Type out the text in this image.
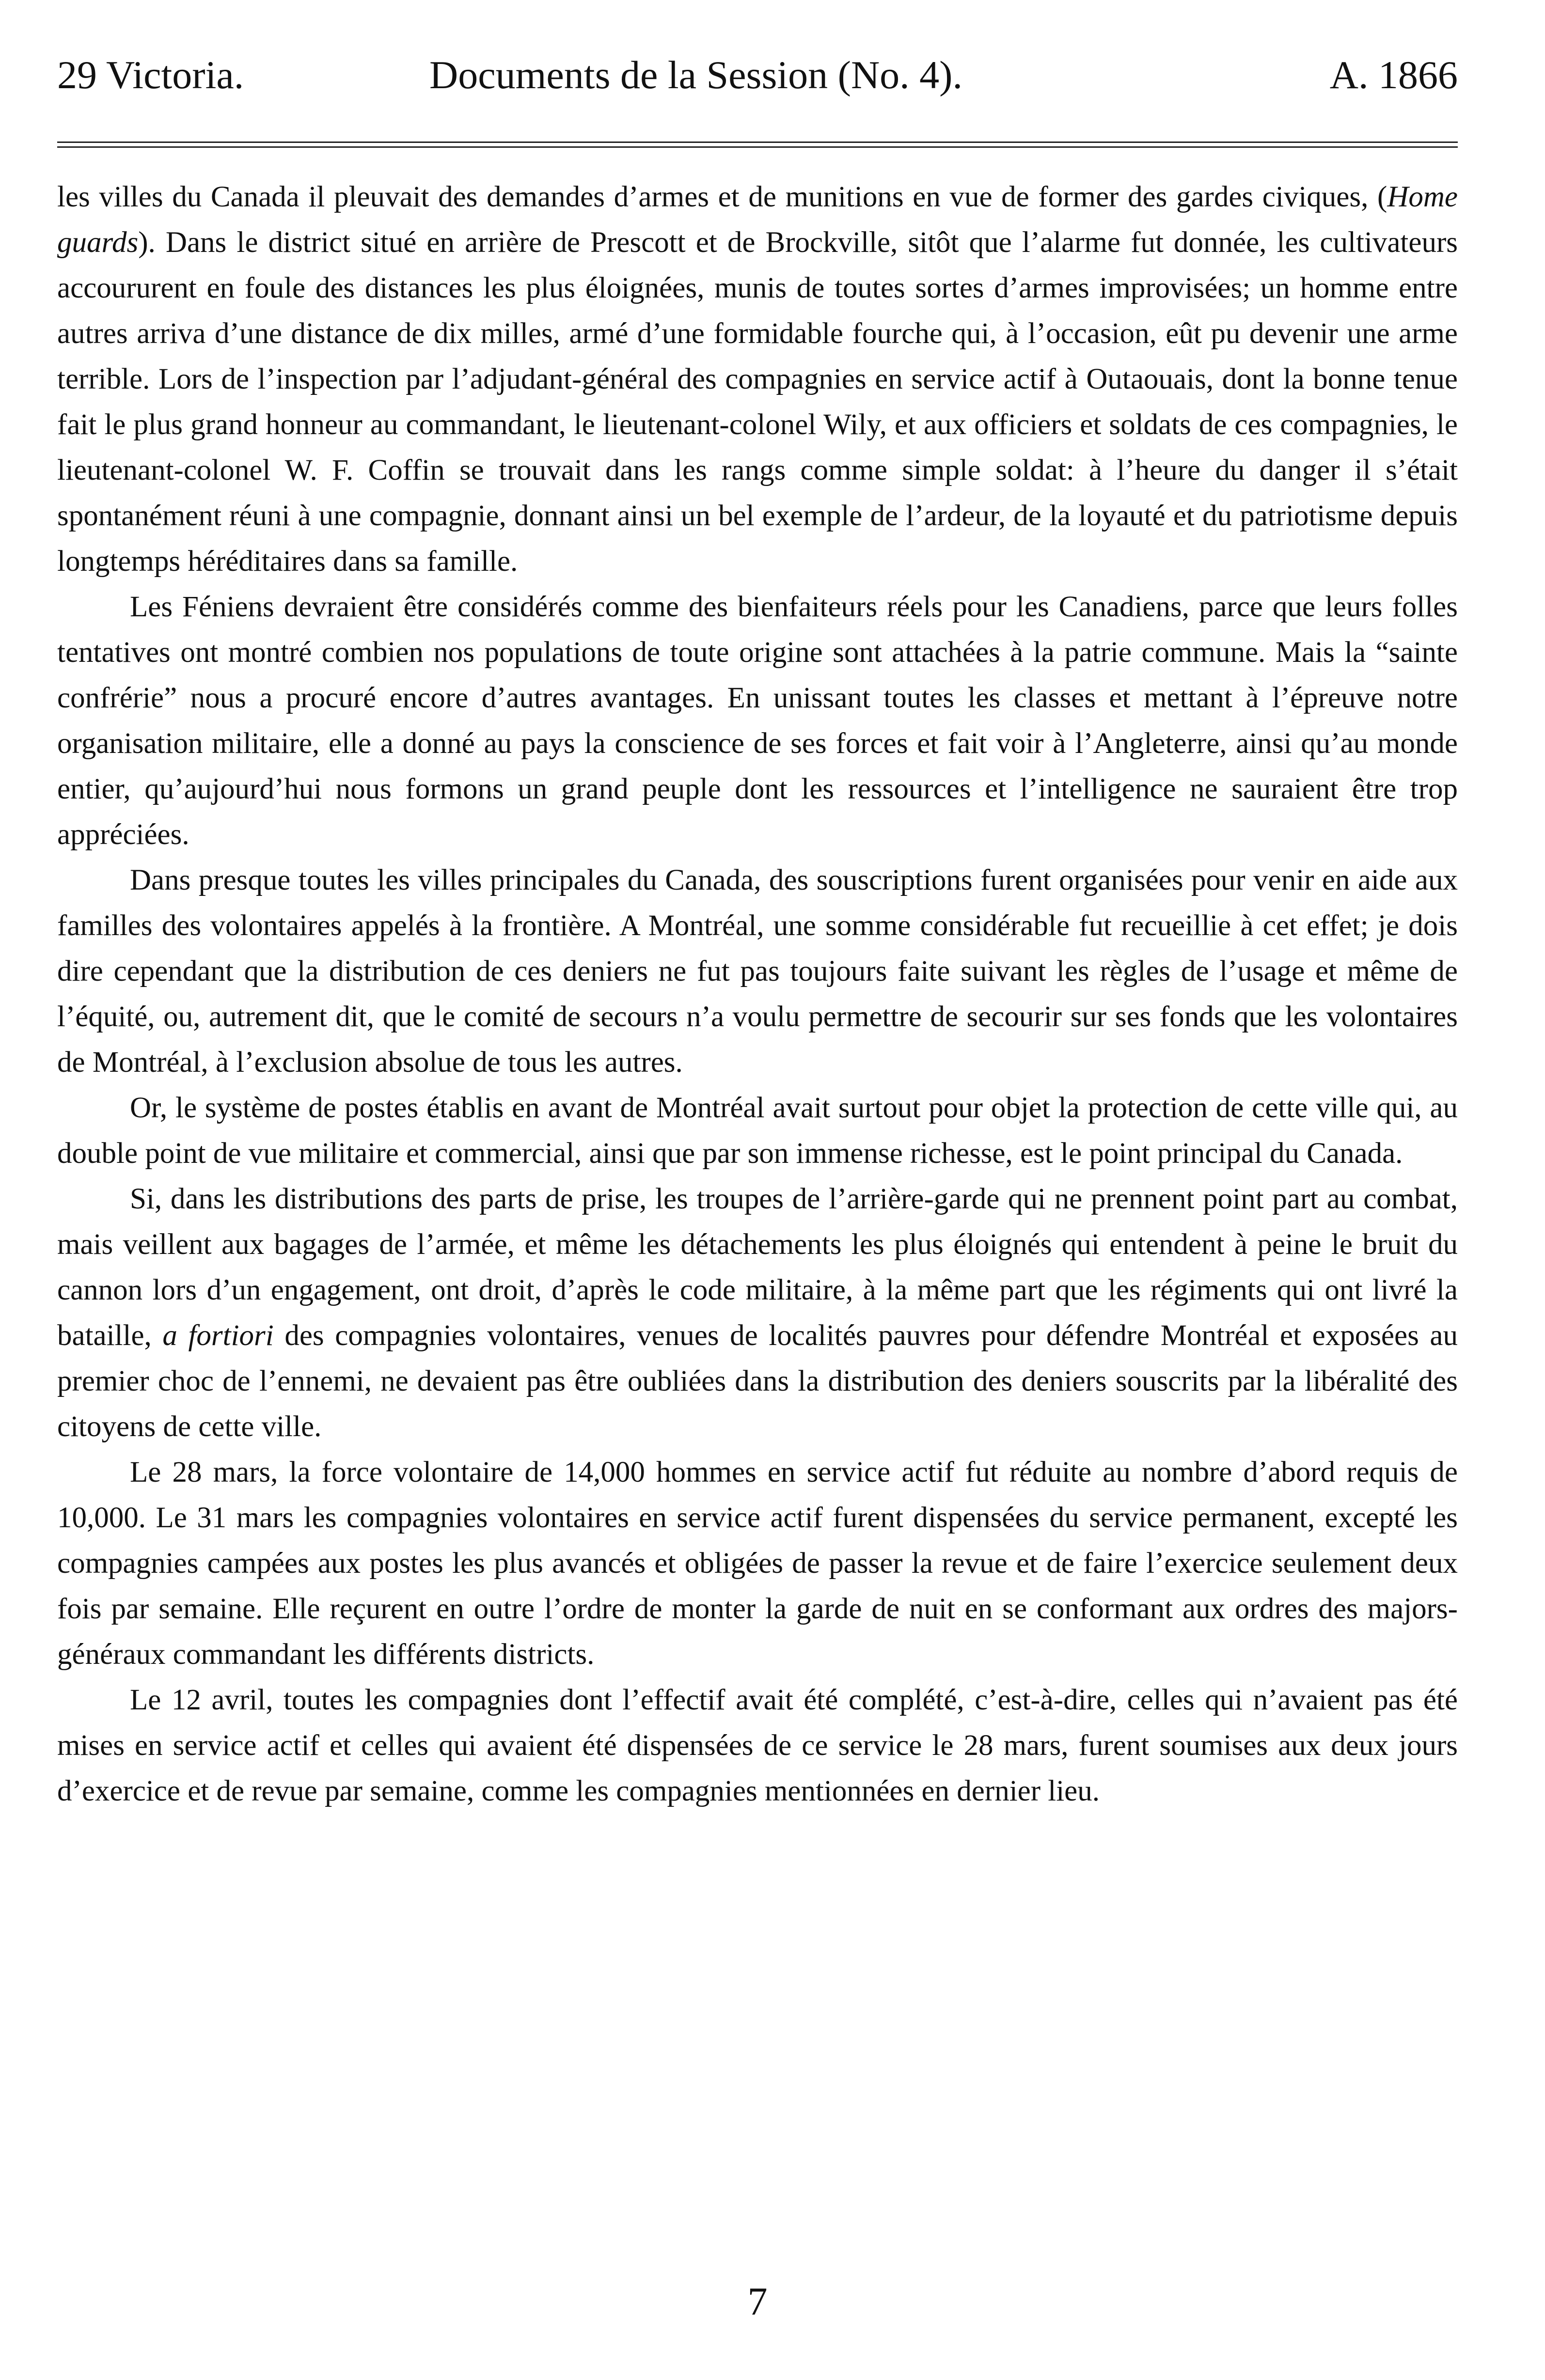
29 Victoria.	Documents de la Session (No. 4).	A. 1866

les villes du Canada il pleuvait des demandes d’armes et de munitions en vue de former des gardes civiques, (Home guards). Dans le district situé en arrière de Prescott et de Brockville, sitôt que l’alarme fut donnée, les cultivateurs accoururent en foule des distances les plus éloignées, munis de toutes sortes d’armes improvisées; un homme entre autres arriva d’une distance de dix milles, armé d’une formidable fourche qui, à l’occasion, eût pu devenir une arme terrible. Lors de l’inspection par l’adjudant-général des compagnies en service actif à Outaouais, dont la bonne tenue fait le plus grand honneur au commandant, le lieutenant-colonel Wily, et aux officiers et soldats de ces compagnies, le lieutenant-colonel W. F. Coffin se trouvait dans les rangs comme simple soldat: à l’heure du danger il s’était spontanément réuni à une compagnie, donnant ainsi un bel exemple de l’ardeur, de la loyauté et du patriotisme depuis longtemps héréditaires dans sa famille.

Les Féniens devraient être considérés comme des bienfaiteurs réels pour les Canadiens, parce que leurs folles tentatives ont montré combien nos populations de toute origine sont attachées à la patrie commune. Mais la “sainte confrérie” nous a procuré encore d’autres avantages. En unissant toutes les classes et mettant à l’épreuve notre organisation militaire, elle a donné au pays la conscience de ses forces et fait voir à l’Angleterre, ainsi qu’au monde entier, qu’aujourd’hui nous formons un grand peuple dont les ressources et l’intelligence ne sauraient être trop appréciées.

Dans presque toutes les villes principales du Canada, des souscriptions furent organisées pour venir en aide aux familles des volontaires appelés à la frontière. A Montréal, une somme considérable fut recueillie à cet effet; je dois dire cependant que la distribution de ces deniers ne fut pas toujours faite suivant les règles de l’usage et même de l’équité, ou, autrement dit, que le comité de secours n’a voulu permettre de secourir sur ses fonds que les volontaires de Montréal, à l’exclusion absolue de tous les autres.

Or, le système de postes établis en avant de Montréal avait surtout pour objet la protection de cette ville qui, au double point de vue militaire et commercial, ainsi que par son immense richesse, est le point principal du Canada.

Si, dans les distributions des parts de prise, les troupes de l’arrière-garde qui ne prennent point part au combat, mais veillent aux bagages de l’armée, et même les détachements les plus éloignés qui entendent à peine le bruit du cannon lors d’un engagement, ont droit, d’après le code militaire, à la même part que les régiments qui ont livré la bataille, a fortiori des compagnies volontaires, venues de localités pauvres pour défendre Montréal et exposées au premier choc de l’ennemi, ne devaient pas être oubliées dans la distribution des deniers souscrits par la libéralité des citoyens de cette ville.

Le 28 mars, la force volontaire de 14,000 hommes en service actif fut réduite au nombre d’abord requis de 10,000. Le 31 mars les compagnies volontaires en service actif furent dispensées du service permanent, excepté les compagnies campées aux postes les plus avancés et obligées de passer la revue et de faire l’exercice seulement deux fois par semaine. Elle reçurent en outre l’ordre de monter la garde de nuit en se conformant aux ordres des majors-généraux commandant les différents districts.

Le 12 avril, toutes les compagnies dont l’effectif avait été complété, c’est-à-dire, celles qui n’avaient pas été mises en service actif et celles qui avaient été dispensées de ce service le 28 mars, furent soumises aux deux jours d’exercice et de revue par semaine, comme les compagnies mentionnées en dernier lieu.

7
